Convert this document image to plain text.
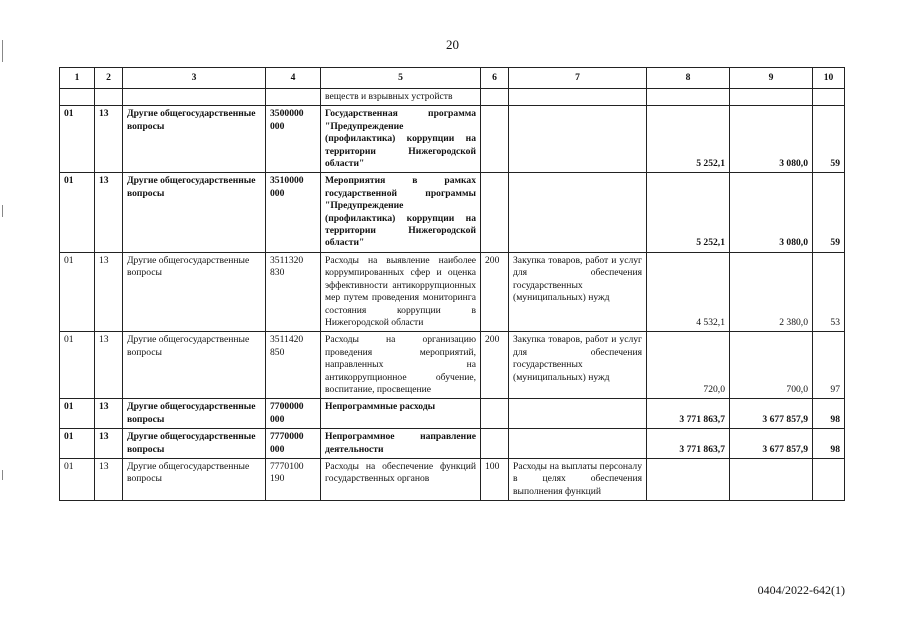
20
1	2	3	4	5	6	7	8	9	10
				веществ и взрывных устройств					
01	13	Другие общегосударственные вопросы	3500000 000	Государственная программа "Предупреждение (профилактика) коррупции на территории Нижегородской области"			5 252,1	3 080,0	59
01	13	Другие общегосударственные вопросы	3510000 000	Мероприятия в рамках государственной программы "Предупреждение (профилактика) коррупции на территории Нижегородской области"			5 252,1	3 080,0	59
01	13	Другие общегосударственные вопросы	3511320 830	Расходы на выявление наиболее коррумпированных сфер и оценка эффективности антикоррупционных мер путем проведения мониторинга состояния коррупции в Нижегородской области	200	Закупка товаров, работ и услуг для обеспечения государственных (муниципальных) нужд	4 532,1	2 380,0	53
01	13	Другие общегосударственные вопросы	3511420 850	Расходы на организацию проведения мероприятий, направленных на антикоррупционное обучение, воспитание, просвещение	200	Закупка товаров, работ и услуг для обеспечения государственных (муниципальных) нужд	720,0	700,0	97
01	13	Другие общегосударственные вопросы	7700000 000	Непрограммные расходы			3 771 863,7	3 677 857,9	98
01	13	Другие общегосударственные вопросы	7770000 000	Непрограммное направление деятельности			3 771 863,7	3 677 857,9	98
01	13	Другие общегосударственные вопросы	7770100 190	Расходы на обеспечение функций государственных органов	100	Расходы на выплаты персоналу в целях обеспечения выполнения функций			
0404/2022-642(1)
